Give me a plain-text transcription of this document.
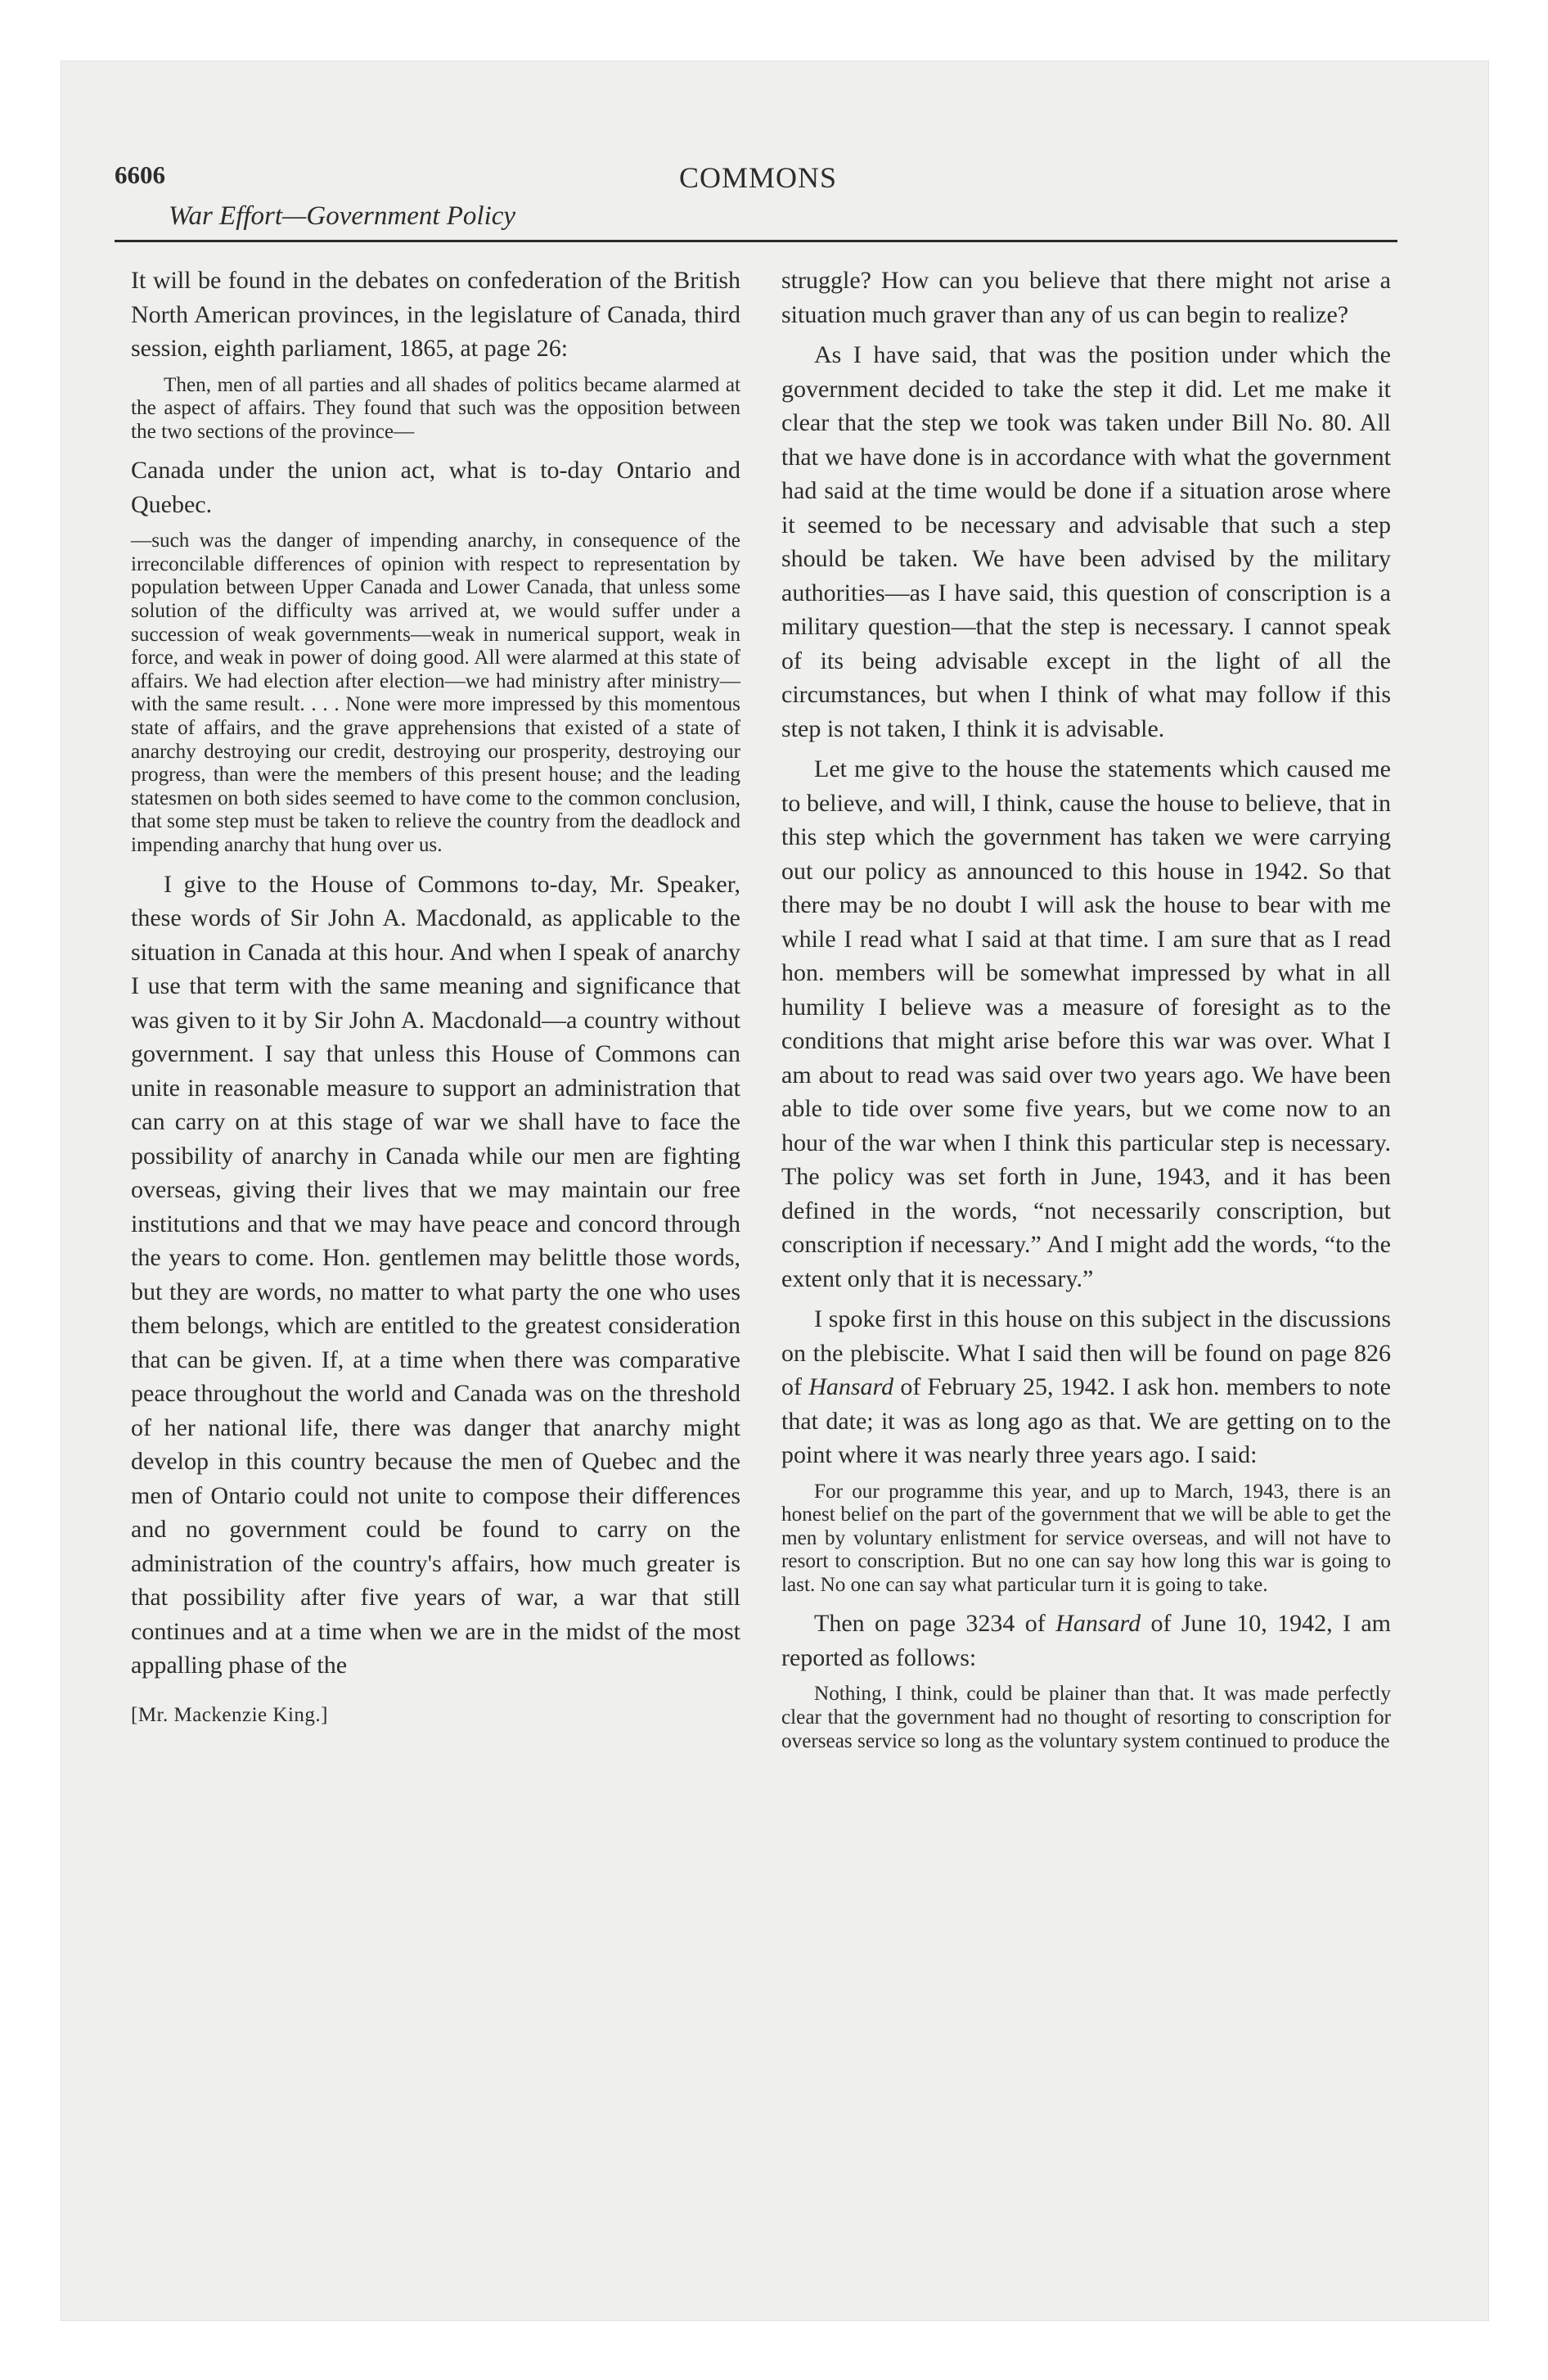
6606
War Effort—Government Policy
COMMONS

It will be found in the debates on confederation of the British North American provinces, in the legislature of Canada, third session, eighth parliament, 1865, at page 26:

Then, men of all parties and all shades of politics became alarmed at the aspect of affairs. They found that such was the opposition between the two sections of the province—

Canada under the union act, what is to-day Ontario and Quebec.

—such was the danger of impending anarchy, in consequence of the irreconcilable differences of opinion with respect to representation by population between Upper Canada and Lower Canada, that unless some solution of the difficulty was arrived at, we would suffer under a succession of weak governments—weak in numerical support, weak in force, and weak in power of doing good. All were alarmed at this state of affairs. We had election after election—we had ministry after ministry—with the same result. . . . None were more impressed by this momentous state of affairs, and the grave apprehensions that existed of a state of anarchy destroying our credit, destroying our prosperity, destroying our progress, than were the members of this present house; and the leading statesmen on both sides seemed to have come to the common conclusion, that some step must be taken to relieve the country from the deadlock and impending anarchy that hung over us.

I give to the House of Commons to-day, Mr. Speaker, these words of Sir John A. Macdonald, as applicable to the situation in Canada at this hour. And when I speak of anarchy I use that term with the same meaning and significance that was given to it by Sir John A. Macdonald—a country without government. I say that unless this House of Commons can unite in reasonable measure to support an administration that can carry on at this stage of war we shall have to face the possibility of anarchy in Canada while our men are fighting overseas, giving their lives that we may maintain our free institutions and that we may have peace and concord through the years to come. Hon. gentlemen may belittle those words, but they are words, no matter to what party the one who uses them belongs, which are entitled to the greatest consideration that can be given. If, at a time when there was comparative peace throughout the world and Canada was on the threshold of her national life, there was danger that anarchy might develop in this country because the men of Quebec and the men of Ontario could not unite to compose their differences and no government could be found to carry on the administration of the country's affairs, how much greater is that possibility after five years of war, a war that still continues and at a time when we are in the midst of the most appalling phase of the

[Mr. Mackenzie King.]

struggle? How can you believe that there might not arise a situation much graver than any of us can begin to realize?

As I have said, that was the position under which the government decided to take the step it did. Let me make it clear that the step we took was taken under Bill No. 80. All that we have done is in accordance with what the government had said at the time would be done if a situation arose where it seemed to be necessary and advisable that such a step should be taken. We have been advised by the military authorities—as I have said, this question of conscription is a military question—that the step is necessary. I cannot speak of its being advisable except in the light of all the circumstances, but when I think of what may follow if this step is not taken, I think it is advisable.

Let me give to the house the statements which caused me to believe, and will, I think, cause the house to believe, that in this step which the government has taken we were carrying out our policy as announced to this house in 1942. So that there may be no doubt I will ask the house to bear with me while I read what I said at that time. I am sure that as I read hon. members will be somewhat impressed by what in all humility I believe was a measure of foresight as to the conditions that might arise before this war was over. What I am about to read was said over two years ago. We have been able to tide over some five years, but we come now to an hour of the war when I think this particular step is necessary. The policy was set forth in June, 1943, and it has been defined in the words, “not necessarily conscription, but conscription if necessary.” And I might add the words, “to the extent only that it is necessary.”

I spoke first in this house on this subject in the discussions on the plebiscite. What I said then will be found on page 826 of Hansard of February 25, 1942. I ask hon. members to note that date; it was as long ago as that. We are getting on to the point where it was nearly three years ago. I said:

For our programme this year, and up to March, 1943, there is an honest belief on the part of the government that we will be able to get the men by voluntary enlistment for service overseas, and will not have to resort to conscription. But no one can say how long this war is going to last. No one can say what particular turn it is going to take.

Then on page 3234 of Hansard of June 10, 1942, I am reported as follows:

Nothing, I think, could be plainer than that. It was made perfectly clear that the government had no thought of resorting to conscription for overseas service so long as the voluntary system continued to produce the
